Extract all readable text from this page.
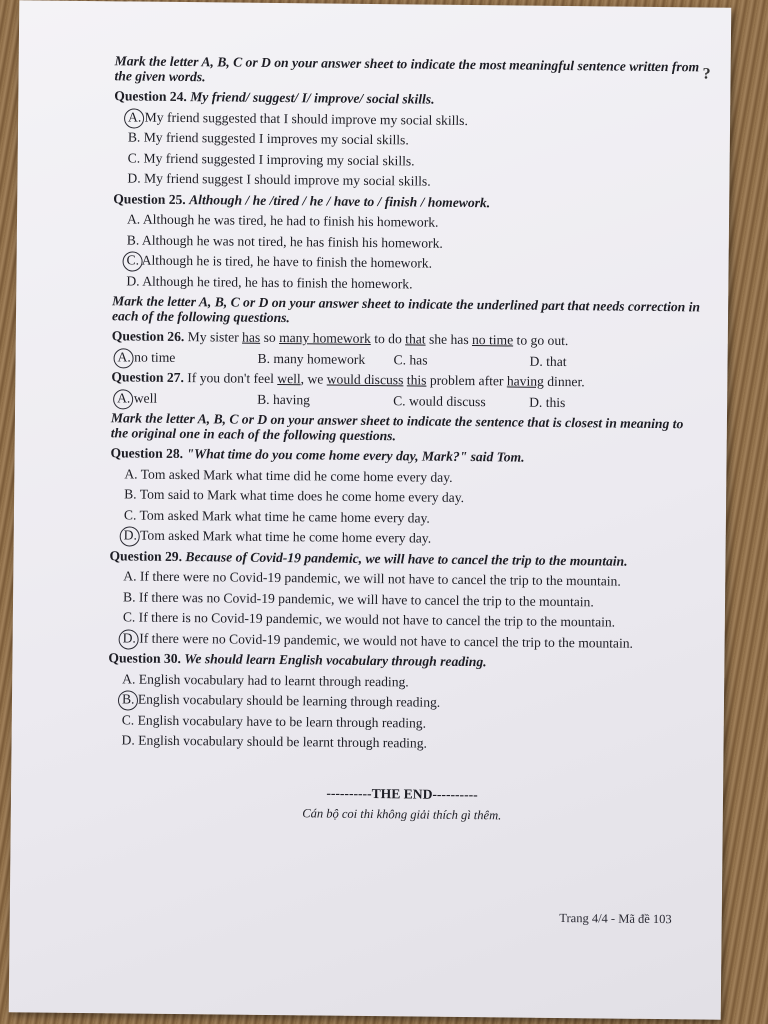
?
Mark the letter A, B, C or D on your answer sheet to indicate the most meaningful sentence written from the given words.
Question 24. My friend/ suggest/ I/ improve/ social skills.
A. My friend suggested that I should improve my social skills.
B. My friend suggested I improves my social skills.
C. My friend suggested I improving my social skills.
D. My friend suggest I should improve my social skills.
Question 25. Although / he /tired / he / have to / finish / homework.
A. Although he was tired, he had to finish his homework.
B. Although he was not tired, he has finish his homework.
C. Although he is tired, he have to finish the homework.
D. Although he tired, he has to finish the homework.
Mark the letter A, B, C or D on your answer sheet to indicate the underlined part that needs correction in each of the following questions.
Question 26. My sister has so many homework to do that she has no time to go out.
A. no time	B. many homework	C. has	D. that
Question 27. If you don't feel well, we would discuss this problem after having dinner.
A. well	B. having	C. would discuss	D. this
Mark the letter A, B, C or D on your answer sheet to indicate the sentence that is closest in meaning to the original one in each of the following questions.
Question 28. "What time do you come home every day, Mark?" said Tom.
A. Tom asked Mark what time did he come home every day.
B. Tom said to Mark what time does he come home every day.
C. Tom asked Mark what time he came home every day.
D. Tom asked Mark what time he come home every day.
Question 29. Because of Covid-19 pandemic, we will have to cancel the trip to the mountain.
A. If there were no Covid-19 pandemic, we will not have to cancel the trip to the mountain.
B. If there was no Covid-19 pandemic, we will have to cancel the trip to the mountain.
C. If there is no Covid-19 pandemic, we would not have to cancel the trip to the mountain.
D. If there were no Covid-19 pandemic, we would not have to cancel the trip to the mountain.
Question 30. We should learn English vocabulary through reading.
A. English vocabulary had to learnt through reading.
B. English vocabulary should be learning through reading.
C. English vocabulary have to be learn through reading.
D. English vocabulary should be learnt through reading.
----------THE END----------
Cán bộ coi thi không giải thích gì thêm.
Trang 4/4 - Mã đề 103
